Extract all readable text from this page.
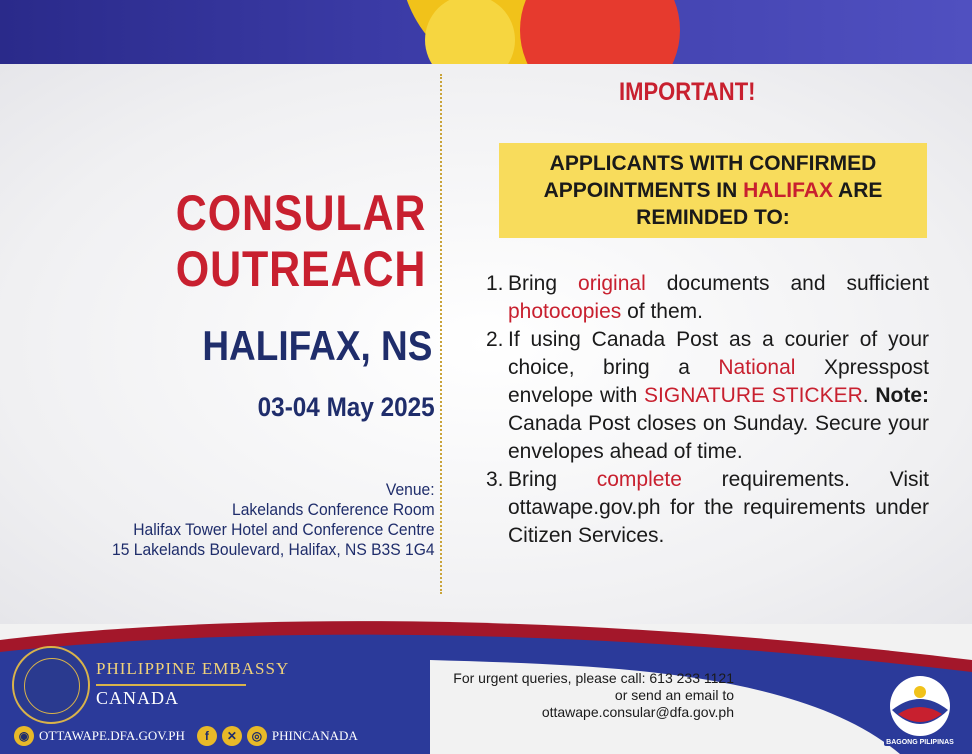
CONSULAR
OUTREACH
HALIFAX, NS
03-04 May 2025
Venue:
Lakelands Conference Room
Halifax Tower Hotel and Conference Centre
15 Lakelands Boulevard, Halifax, NS B3S 1G4
IMPORTANT!
APPLICANTS WITH CONFIRMED
APPOINTMENTS IN HALIFAX ARE
REMINDED TO:
1. Bring original documents and sufficient photocopies of them.
2. If using Canada Post as a courier of your choice, bring a National Xpresspost envelope with SIGNATURE STICKER. Note: Canada Post closes on Sunday. Secure your envelopes ahead of time.
3. Bring complete requirements. Visit ottawape.gov.ph for the requirements under Citizen Services.
PHILIPPINE EMBASSY
CANADA
◉ OTTAWAPE.DFA.GOV.PH	f	✕	◎ PHINCANADA
For urgent queries, please call: 613 233 1121
or send an email to
ottawape.consular@dfa.gov.ph
BAGONG PILIPINAS
